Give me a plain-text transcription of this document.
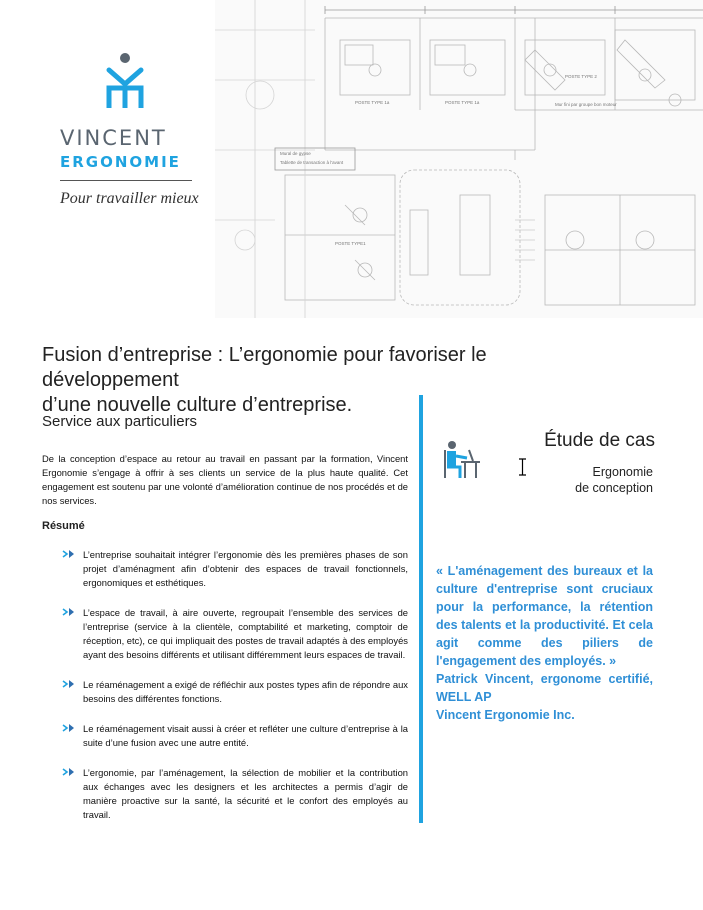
POSTE TYPE 1a	POSTE TYPE 1a
POSTE TYPE 2
POSTE TYPE1
Mural de gypse
Tablette de transaction à l'avant
Mur fini par groupe bon moteur
VINCENT
ERGONOMIE
Pour travailler mieux
Fusion d’entreprise : L’ergonomie pour favoriser le développement
d’une nouvelle culture d’entreprise.
Service aux particuliers
De la conception d’espace au retour au travail en passant par la formation, Vincent Ergonomie s’engage à offrir à ses clients un service de la plus haute qualité. Cet engagement est soutenu par une volonté d’amélioration continue de nos procédés et de nos services.
Résumé
L’entreprise souhaitait intégrer l’ergonomie dès les premières phases de son projet d’aménagment afin d’obtenir des espaces de travail fonctionnels, ergonomiques et esthétiques.
L’espace de travail, à aire ouverte, regroupait l’ensemble des services de l’entreprise (service à la clientèle, comptabilité et marketing, comptoir de réception, etc), ce qui impliquait des postes de travail adaptés à des employés ayant des besoins différents et utilisant différemment leurs espaces de travail.
Le réaménagement a exigé de réfléchir aux postes types afin de répondre aux besoins des différentes fonctions.
Le réaménagement visait aussi à créer et refléter une culture d’entreprise à la suite d’une fusion avec une autre entité.
L’ergonomie, par l’aménagement, la sélection de mobilier et la contribution aux échanges avec les designers et les architectes a permis d’agir de manière proactive sur la santé, la sécurité et le confort des employés au travail.
Étude de cas
Ergonomie
de conception
« L'aménagement des bureaux et la culture d'entreprise sont cruciaux pour la performance, la rétention des talents et la productivité. Et cela agit comme des piliers de l'engagement des employés. »
Patrick Vincent, ergonome certifié, WELL AP
Vincent Ergonomie Inc.
